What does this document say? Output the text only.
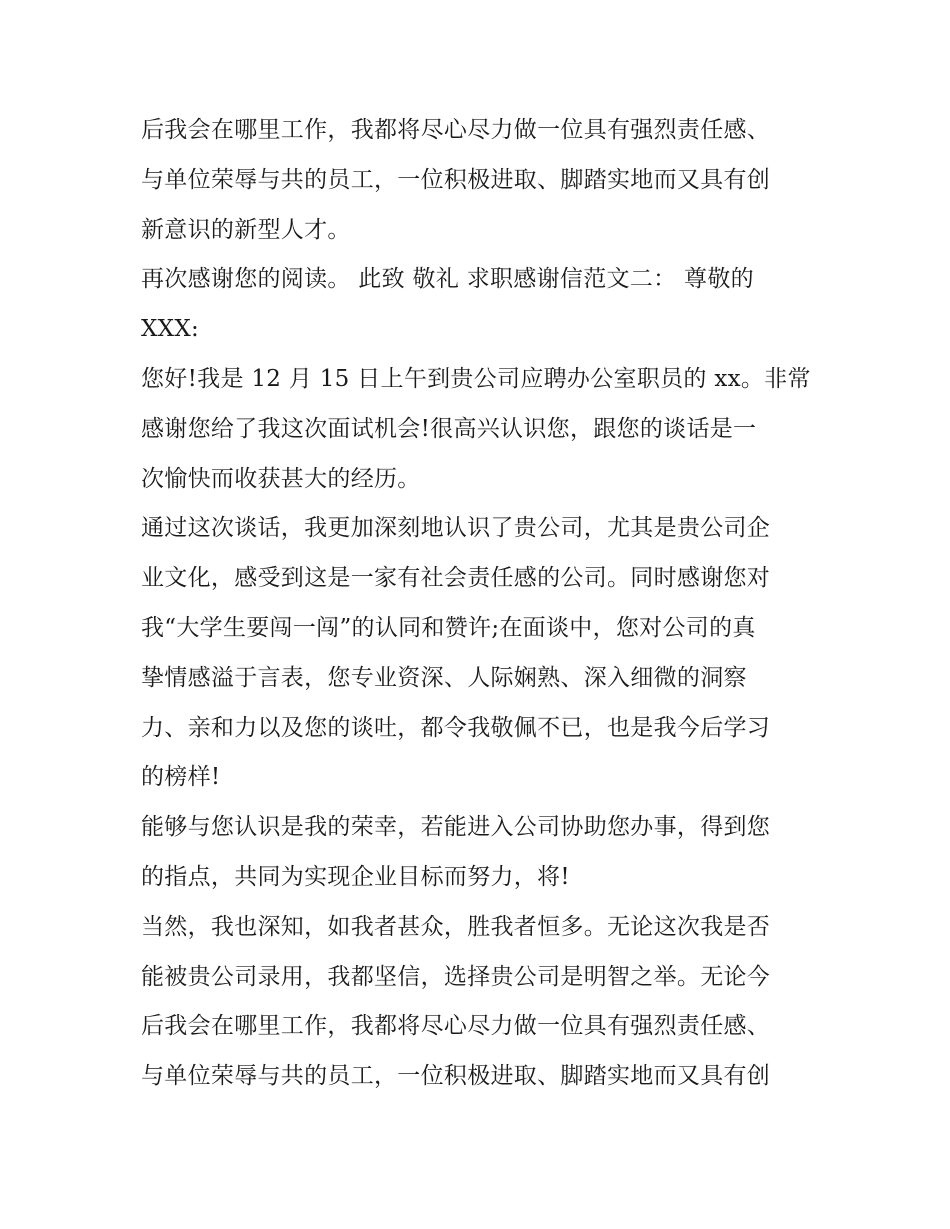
后我会在哪里工作，我都将尽心尽力做一位具有强烈责任感、
与单位荣辱与共的员工，一位积极进取、脚踏实地而又具有创
新意识的新型人才。
再次感谢您的阅读。 此致 敬礼 求职感谢信范文二： 尊敬的
XXX:
您好!我是 12 月 15 日上午到贵公司应聘办公室职员的 xx。非常
感谢您给了我这次面试机会!很高兴认识您，跟您的谈话是一
次愉快而收获甚大的经历。
通过这次谈话，我更加深刻地认识了贵公司，尤其是贵公司企
业文化，感受到这是一家有社会责任感的公司。同时感谢您对
我“大学生要闯一闯”的认同和赞许;在面谈中，您对公司的真
挚情感溢于言表，您专业资深、人际娴熟、深入细微的洞察
力、亲和力以及您的谈吐，都令我敬佩不已，也是我今后学习
的榜样!
能够与您认识是我的荣幸，若能进入公司协助您办事，得到您
的指点，共同为实现企业目标而努力，将!
当然，我也深知，如我者甚众，胜我者恒多。无论这次我是否
能被贵公司录用，我都坚信，选择贵公司是明智之举。无论今
后我会在哪里工作，我都将尽心尽力做一位具有强烈责任感、
与单位荣辱与共的员工，一位积极进取、脚踏实地而又具有创
